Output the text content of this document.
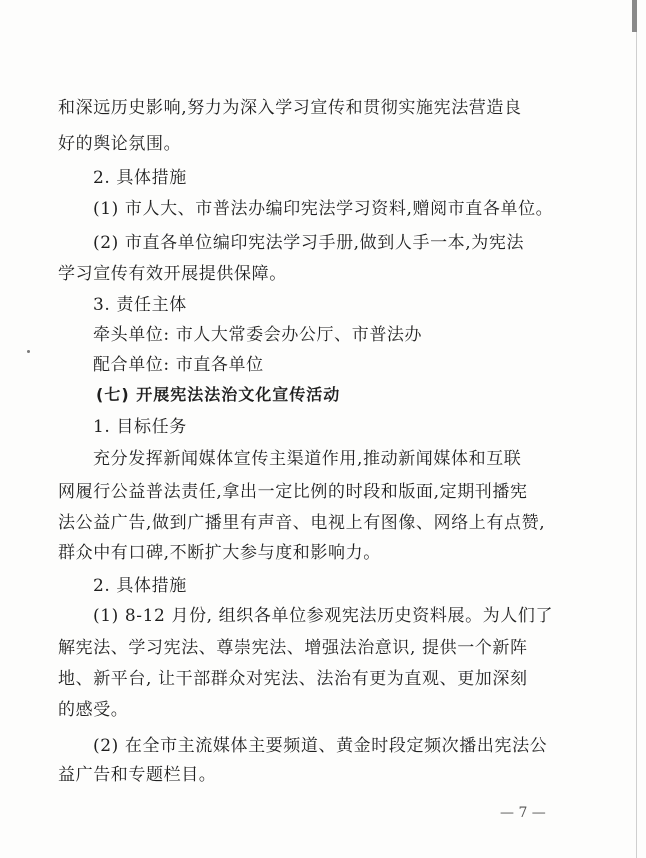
和深远历史影响,努力为深入学习宣传和贯彻实施宪法营造良
好的舆论氛围。
2. 具体措施
(1) 市人大、市普法办编印宪法学习资料,赠阅市直各单位。
(2) 市直各单位编印宪法学习手册,做到人手一本,为宪法
学习宣传有效开展提供保障。
3. 责任主体
牵头单位: 市人大常委会办公厅、市普法办
配合单位: 市直各单位
(七) 开展宪法法治文化宣传活动
1. 目标任务
充分发挥新闻媒体宣传主渠道作用,推动新闻媒体和互联
网履行公益普法责任,拿出一定比例的时段和版面,定期刊播宪
法公益广告,做到广播里有声音、电视上有图像、网络上有点赞,
群众中有口碑,不断扩大参与度和影响力。
2. 具体措施
(1) 8-12 月份, 组织各单位参观宪法历史资料展。为人们了
解宪法、学习宪法、尊崇宪法、增强法治意识, 提供一个新阵
地、新平台, 让干部群众对宪法、法治有更为直观、更加深刻
的感受。
(2) 在全市主流媒体主要频道、黄金时段定频次播出宪法公
益广告和专题栏目。
— 7 —
